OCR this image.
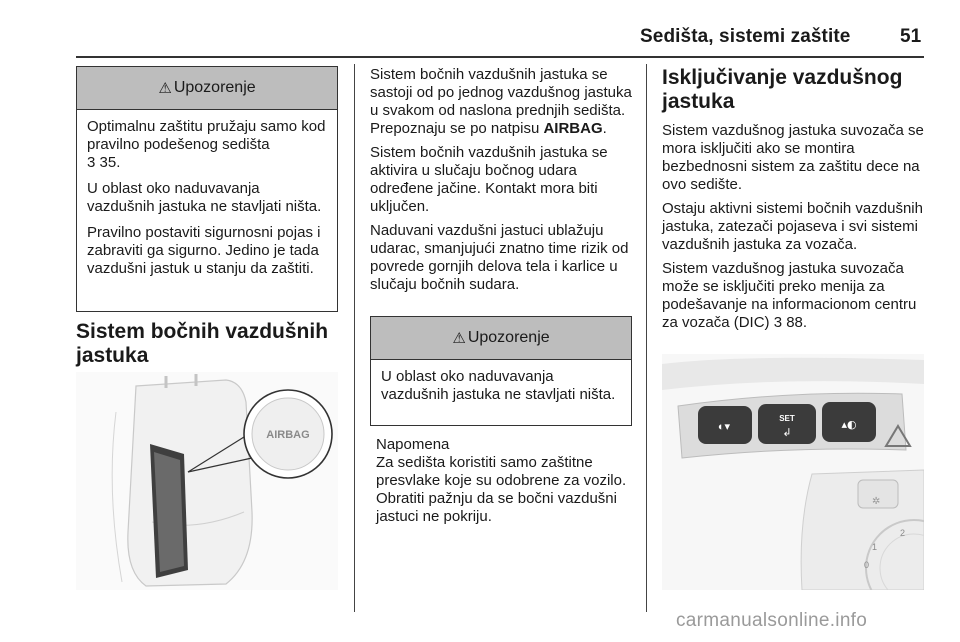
Sedišta, sistemi zaštite	51
⚠ Upozorenje

Optimalnu zaštitu pružaju samo kod pravilno podešenog sedišta
3 35.

U oblast oko naduvavanja vazdušnih jastuka ne stavljati ništa.

Pravilno postaviti sigurnosni pojas i zabraviti ga sigurno. Jedino je tada vazdušni jastuk u stanju da zaštiti.

Sistem bočnih vazdušnih jastuka
AIRBAG

Sistem bočnih vazdušnih jastuka se sastoji od po jednog vazdušnog jastuka u svakom od naslona prednjih sedišta. Prepoznaju se po natpisu AIRBAG.

Sistem bočnih vazdušnih jastuka se aktivira u slučaju bočnog udara određene jačine. Kontakt mora biti uključen.

Naduvani vazdušni jastuci ublažuju udarac, smanjujući znatno time rizik od povrede gornjih delova tela i karlice u slučaju bočnih sudara.

⚠ Upozorenje

U oblast oko naduvavanja vazdušnih jastuka ne stavljati ništa.

Napomena
Za sedišta koristiti samo zaštitne presvlake koje su odobrene za vozilo. Obratiti pažnju da se bočni vazdušni jastuci ne pokriju.
Isključivanje vazdušnog jastuka

Sistem vazdušnog jastuka suvozača se mora isključiti ako se montira bezbednosni sistem za zaštitu dece na ovo sedište.

Ostaju aktivni sistemi bočnih vazdušnih jastuka, zatezači pojaseva i svi sistemi vazdušnih jastuka za vozača.

Sistem vazdušnog jastuka suvozača može se isključiti preko menija za podešavanje na informacionom centru za vozača (DIC) 3 88.

◐▾
SET
↲
▴◐
✲
2
1
0
carmanualsonline.info
